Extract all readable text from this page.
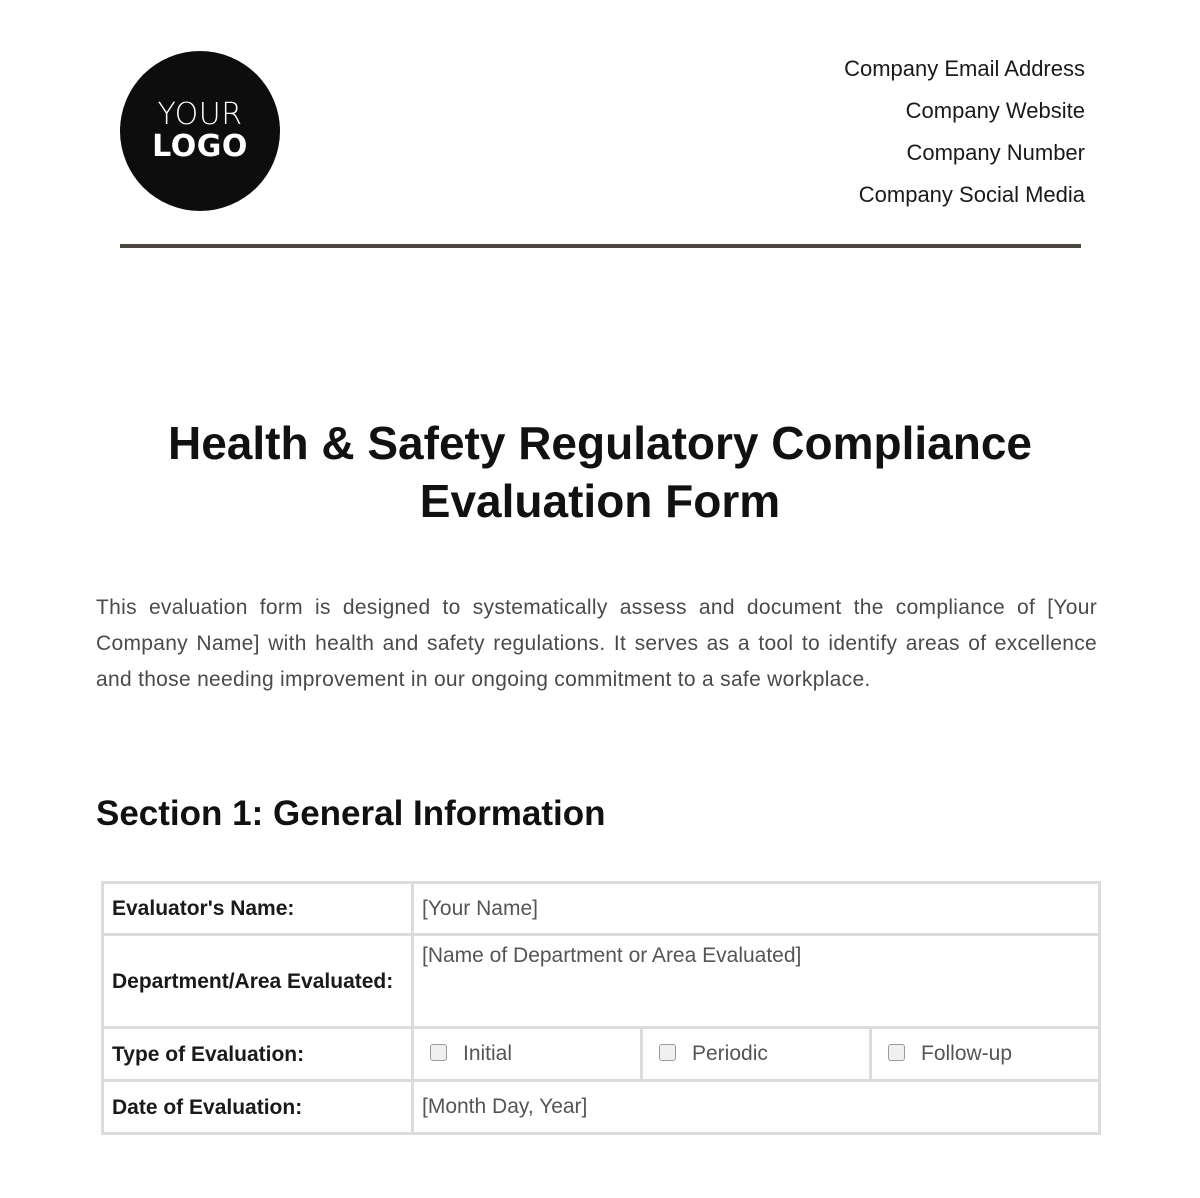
YOUR
LOGO
Company Email Address
Company Website
Company Number
Company Social Media
Health & Safety Regulatory Compliance
Evaluation Form
This evaluation form is designed to systematically assess and document the compliance of [Your Company Name] with health and safety regulations. It serves as a tool to identify areas of excellence and those needing improvement in our ongoing commitment to a safe workplace.
Section 1: General Information
Evaluator's Name:	[Your Name]		
Department/Area Evaluated:	[Name of Department or Area Evaluated]		
Type of Evaluation:	Initial	Periodic	Follow-up
Date of Evaluation:	[Month Day, Year]		
